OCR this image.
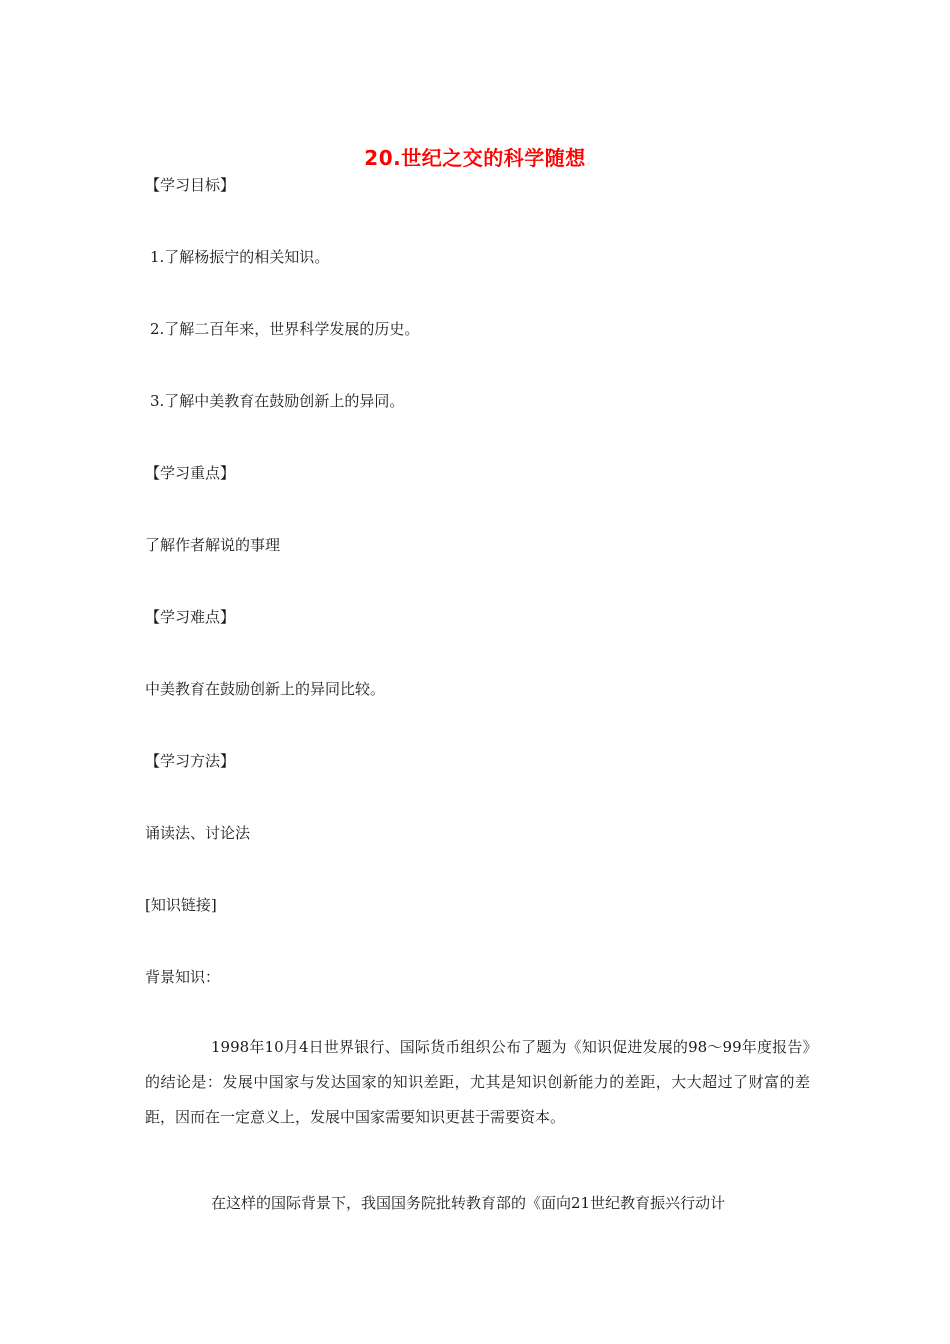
20.世纪之交的科学随想
【学习目标】
1.了解杨振宁的相关知识。
2.了解二百年来，世界科学发展的历史。
3.了解中美教育在鼓励创新上的异同。
【学习重点】
了解作者解说的事理
【学习难点】
中美教育在鼓励创新上的异同比较。
【学习方法】
诵读法、讨论法
[知识链接]
背景知识：
1998年10月4日世界银行、国际货币组织公布了题为《知识促进发展的98～99年度报告》的结论是：发展中国家与发达国家的知识差距，尤其是知识创新能力的差距，大大超过了财富的差距，因而在一定意义上，发展中国家需要知识更甚于需要资本。
在这样的国际背景下，我国国务院批转教育部的《面向21世纪教育振兴行动计
